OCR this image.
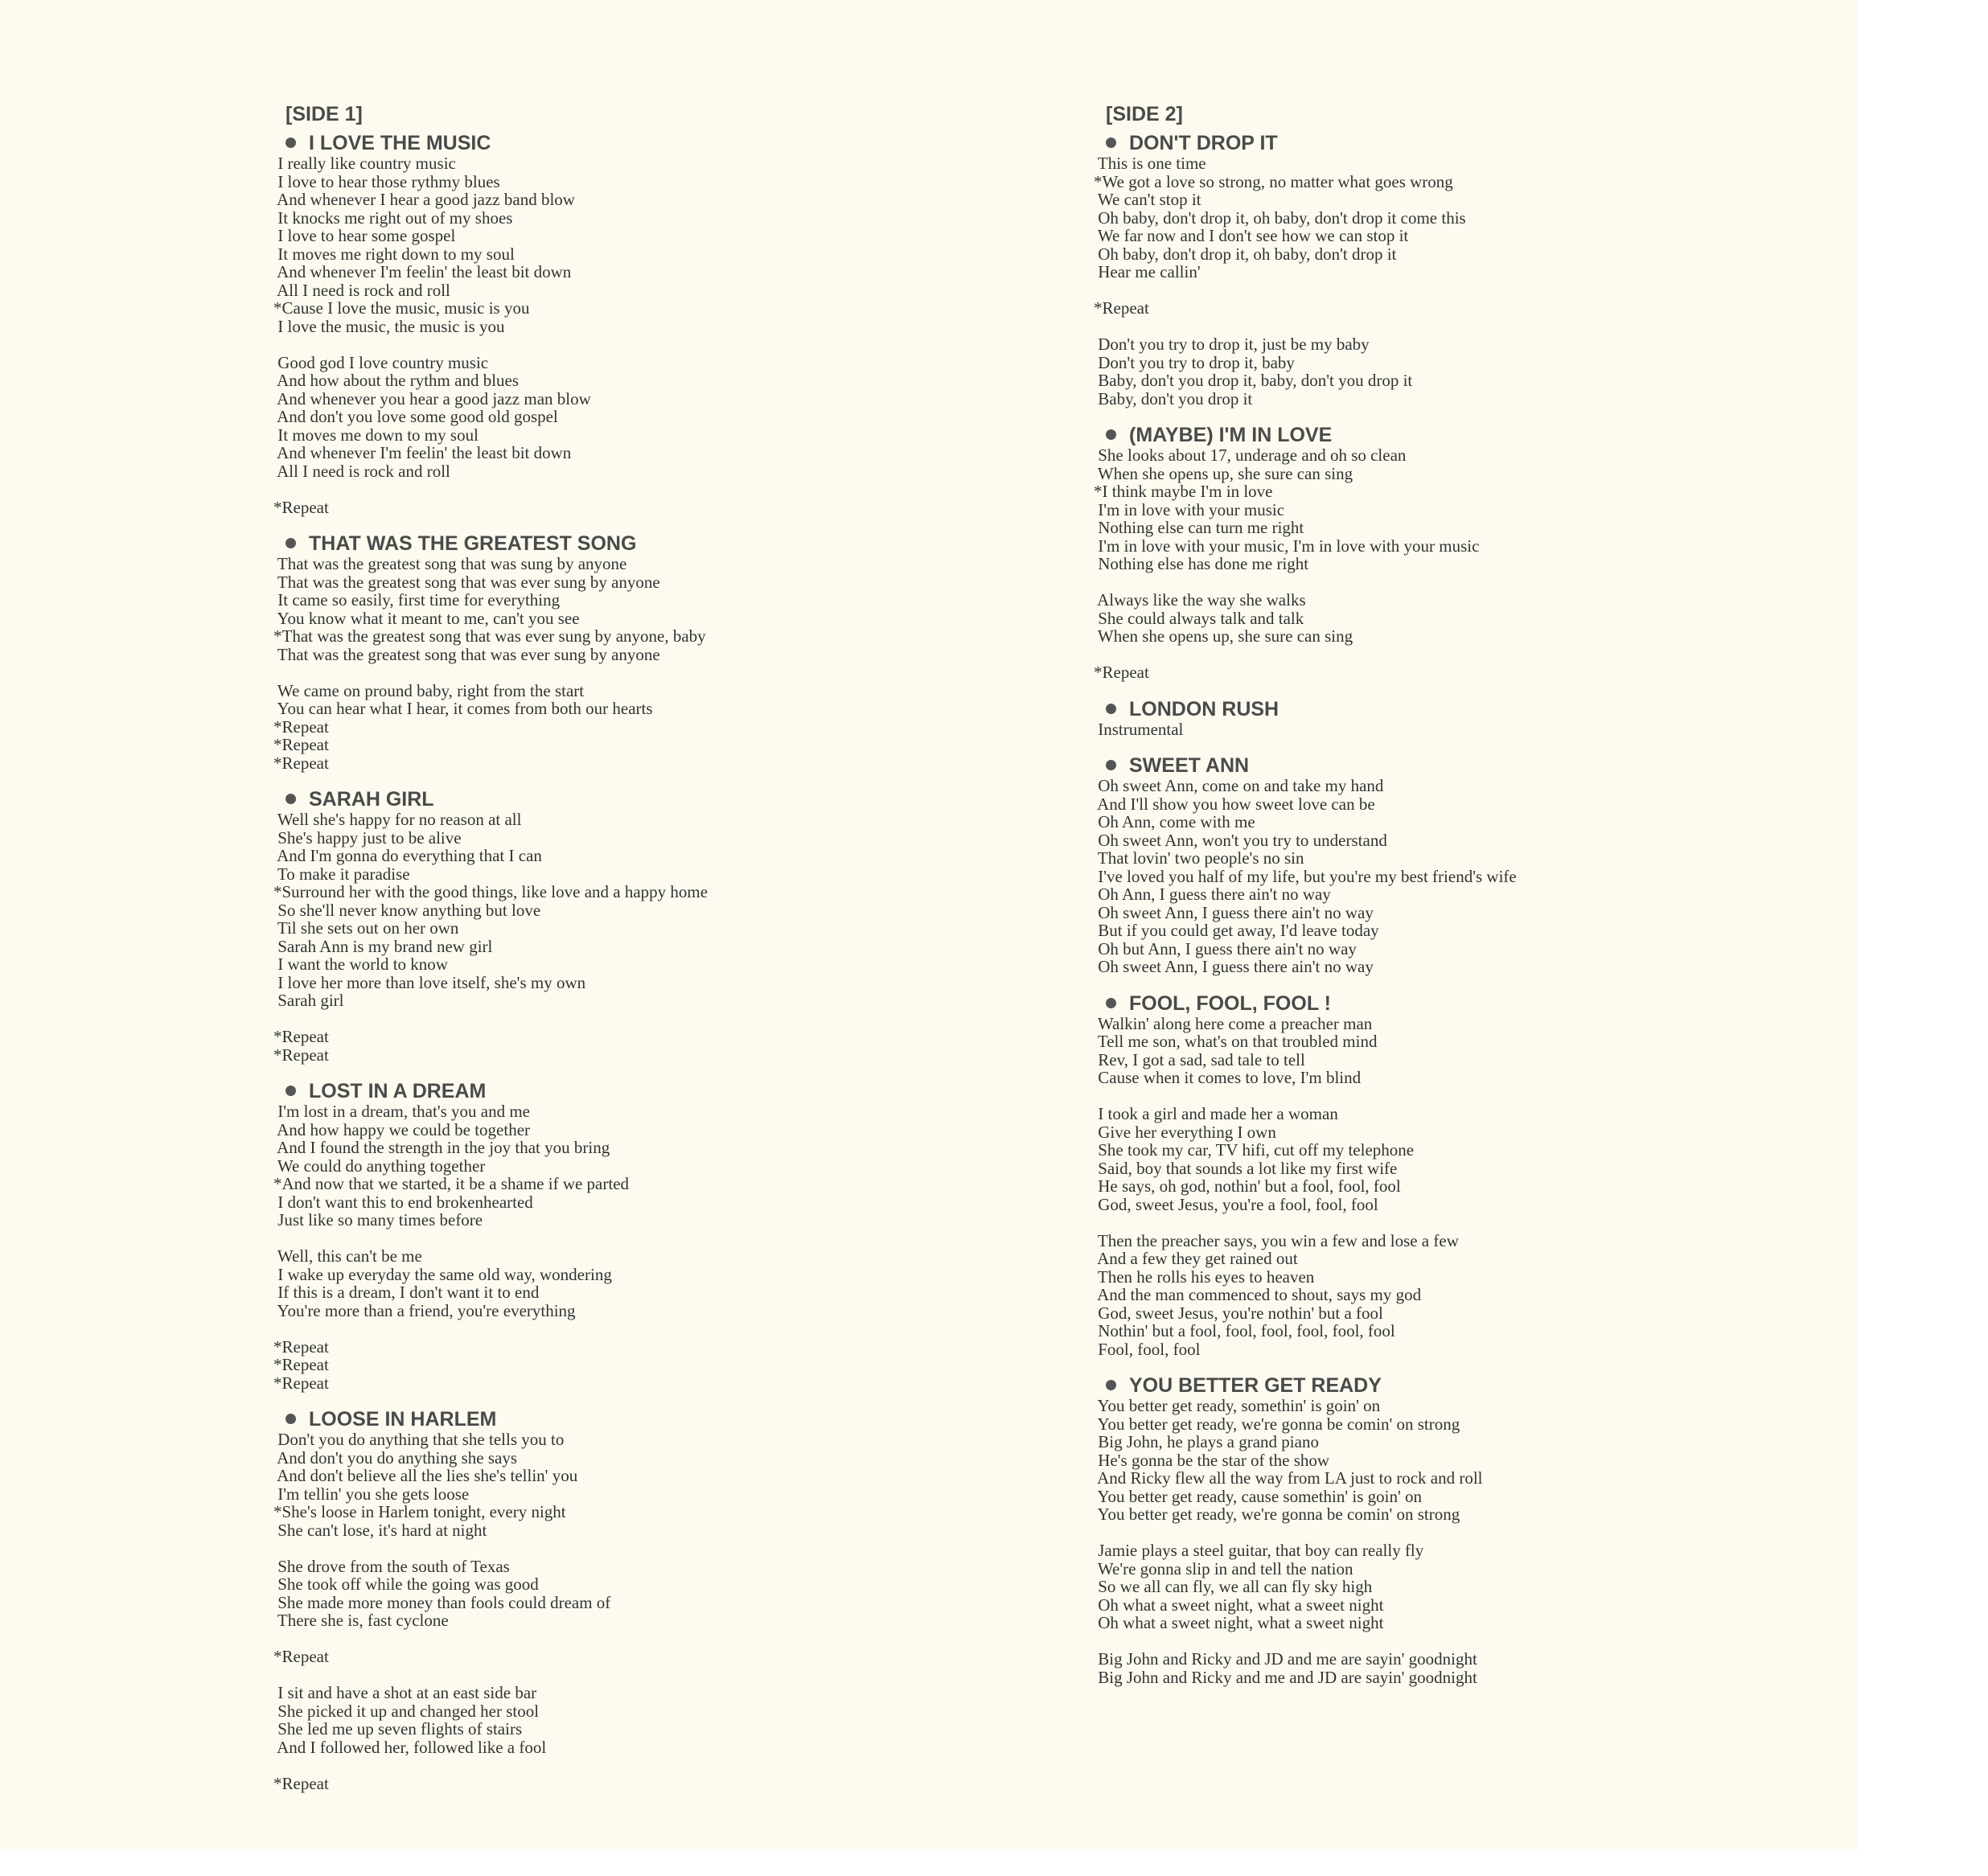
[SIDE 1]
I LOVE THE MUSIC
I really like country music
I love to hear those rythmy blues
And whenever I hear a good jazz band blow
It knocks me right out of my shoes
I love to hear some gospel
It moves me right down to my soul
And whenever I'm feelin' the least bit down
All I need is rock and roll
*Cause I love the music, music is you
I love the music, the music is you
Good god I love country music
And how about the rythm and blues
And whenever you hear a good jazz man blow
And don't you love some good old gospel
It moves me down to my soul
And whenever I'm feelin' the least bit down
All I need is rock and roll
*Repeat
THAT WAS THE GREATEST SONG
That was the greatest song that was sung by anyone
That was the greatest song that was ever sung by anyone
It came so easily, first time for everything
You know what it meant to me, can't you see
*That was the greatest song that was ever sung by anyone, baby
That was the greatest song that was ever sung by anyone
We came on pround baby, right from the start
You can hear what I hear, it comes from both our hearts
*Repeat
*Repeat
*Repeat
SARAH GIRL
Well she's happy for no reason at all
She's happy just to be alive
And I'm gonna do everything that I can
To make it paradise
*Surround her with the good things, like love and a happy home
So she'll never know anything but love
Til she sets out on her own
Sarah Ann is my brand new girl
I want the world to know
I love her more than love itself, she's my own
Sarah girl
*Repeat
*Repeat
LOST IN A DREAM
I'm lost in a dream, that's you and me
And how happy we could be together
And I found the strength in the joy that you bring
We could do anything together
*And now that we started, it be a shame if we parted
I don't want this to end brokenhearted
Just like so many times before
Well, this can't be me
I wake up everyday the same old way, wondering
If this is a dream, I don't want it to end
You're more than a friend, you're everything
*Repeat
*Repeat
*Repeat
LOOSE IN HARLEM
Don't you do anything that she tells you to
And don't you do anything she says
And don't believe all the lies she's tellin' you
I'm tellin' you she gets loose
*She's loose in Harlem tonight, every night
She can't lose, it's hard at night
She drove from the south of Texas
She took off while the going was good
She made more money than fools could dream of
There she is, fast cyclone
*Repeat
I sit and have a shot at an east side bar
She picked it up and changed her stool
She led me up seven flights of stairs
And I followed her, followed like a fool
*Repeat
[SIDE 2]
DON'T DROP IT
This is one time
*We got a love so strong, no matter what goes wrong
We can't stop it
Oh baby, don't drop it, oh baby, don't drop it come this
We far now and I don't see how we can stop it
Oh baby, don't drop it, oh baby, don't drop it
Hear me callin'
*Repeat
Don't you try to drop it, just be my baby
Don't you try to drop it, baby
Baby, don't you drop it, baby, don't you drop it
Baby, don't you drop it
(MAYBE) I'M IN LOVE
She looks about 17, underage and oh so clean
When she opens up, she sure can sing
*I think maybe I'm in love
I'm in love with your music
Nothing else can turn me right
I'm in love with your music, I'm in love with your music
Nothing else has done me right
Always like the way she walks
She could always talk and talk
When she opens up, she sure can sing
*Repeat
LONDON RUSH
Instrumental
SWEET ANN
Oh sweet Ann, come on and take my hand
And I'll show you how sweet love can be
Oh Ann, come with me
Oh sweet Ann, won't you try to understand
That lovin' two people's no sin
I've loved you half of my life, but you're my best friend's wife
Oh Ann, I guess there ain't no way
Oh sweet Ann, I guess there ain't no way
But if you could get away, I'd leave today
Oh but Ann, I guess there ain't no way
Oh sweet Ann, I guess there ain't no way
FOOL, FOOL, FOOL !
Walkin' along here come a preacher man
Tell me son, what's on that troubled mind
Rev, I got a sad, sad tale to tell
Cause when it comes to love, I'm blind
I took a girl and made her a woman
Give her everything I own
She took my car, TV hifi, cut off my telephone
Said, boy that sounds a lot like my first wife
He says, oh god, nothin' but a fool, fool, fool
God, sweet Jesus, you're a fool, fool, fool
Then the preacher says, you win a few and lose a few
And a few they get rained out
Then he rolls his eyes to heaven
And the man commenced to shout, says my god
God, sweet Jesus, you're nothin' but a fool
Nothin' but a fool, fool, fool, fool, fool, fool
Fool, fool, fool
YOU BETTER GET READY
You better get ready, somethin' is goin' on
You better get ready, we're gonna be comin' on strong
Big John, he plays a grand piano
He's gonna be the star of the show
And Ricky flew all the way from LA just to rock and roll
You better get ready, cause somethin' is goin' on
You better get ready, we're gonna be comin' on strong
Jamie plays a steel guitar, that boy can really fly
We're gonna slip in and tell the nation
So we all can fly, we all can fly sky high
Oh what a sweet night, what a sweet night
Oh what a sweet night, what a sweet night
Big John and Ricky and JD and me are sayin' goodnight
Big John and Ricky and me and JD are sayin' goodnight
